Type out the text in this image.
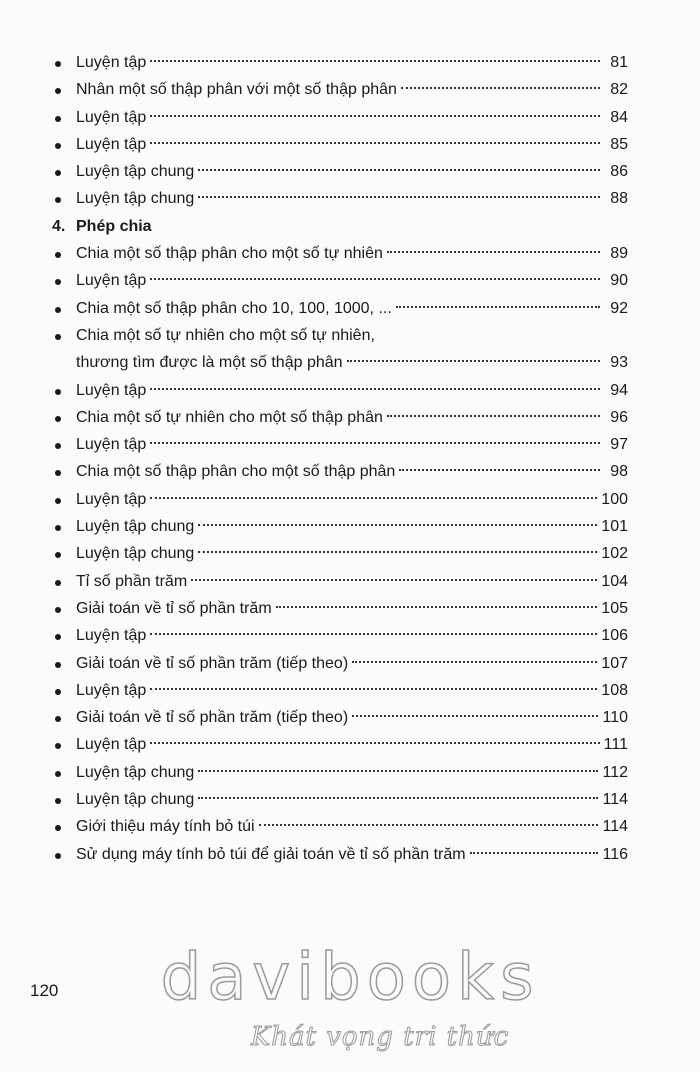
Luyện tập	81
Nhân một số thập phân với một số thập phân	82
Luyện tập	84
Luyện tập	85
Luyện tập chung	86
Luyện tập chung	88
4. Phép chia
Chia một số thập phân cho một số tự nhiên	89
Luyện tập	90
Chia một số thập phân cho 10, 100, 1000, ...	92
Chia một số tự nhiên cho một số tự nhiên,
thương tìm được là một số thập phân	93
Luyện tập	94
Chia một số tự nhiên cho một số thập phân	96
Luyện tập	97
Chia một số thập phân cho một số thập phân	98
Luyện tập	100
Luyện tập chung	101
Luyện tập chung	102
Tỉ số phần trăm	104
Giải toán về tỉ số phần trăm	105
Luyện tập	106
Giải toán về tỉ số phần trăm (tiếp theo)	107
Luyện tập	108
Giải toán về tỉ số phần trăm (tiếp theo)	110
Luyện tập	111
Luyện tập chung	112
Luyện tập chung	114
Giới thiệu máy tính bỏ túi	114
Sử dụng máy tính bỏ túi để giải toán về tỉ số phần trăm	116
120 davibooks
Khát vọng tri thức
